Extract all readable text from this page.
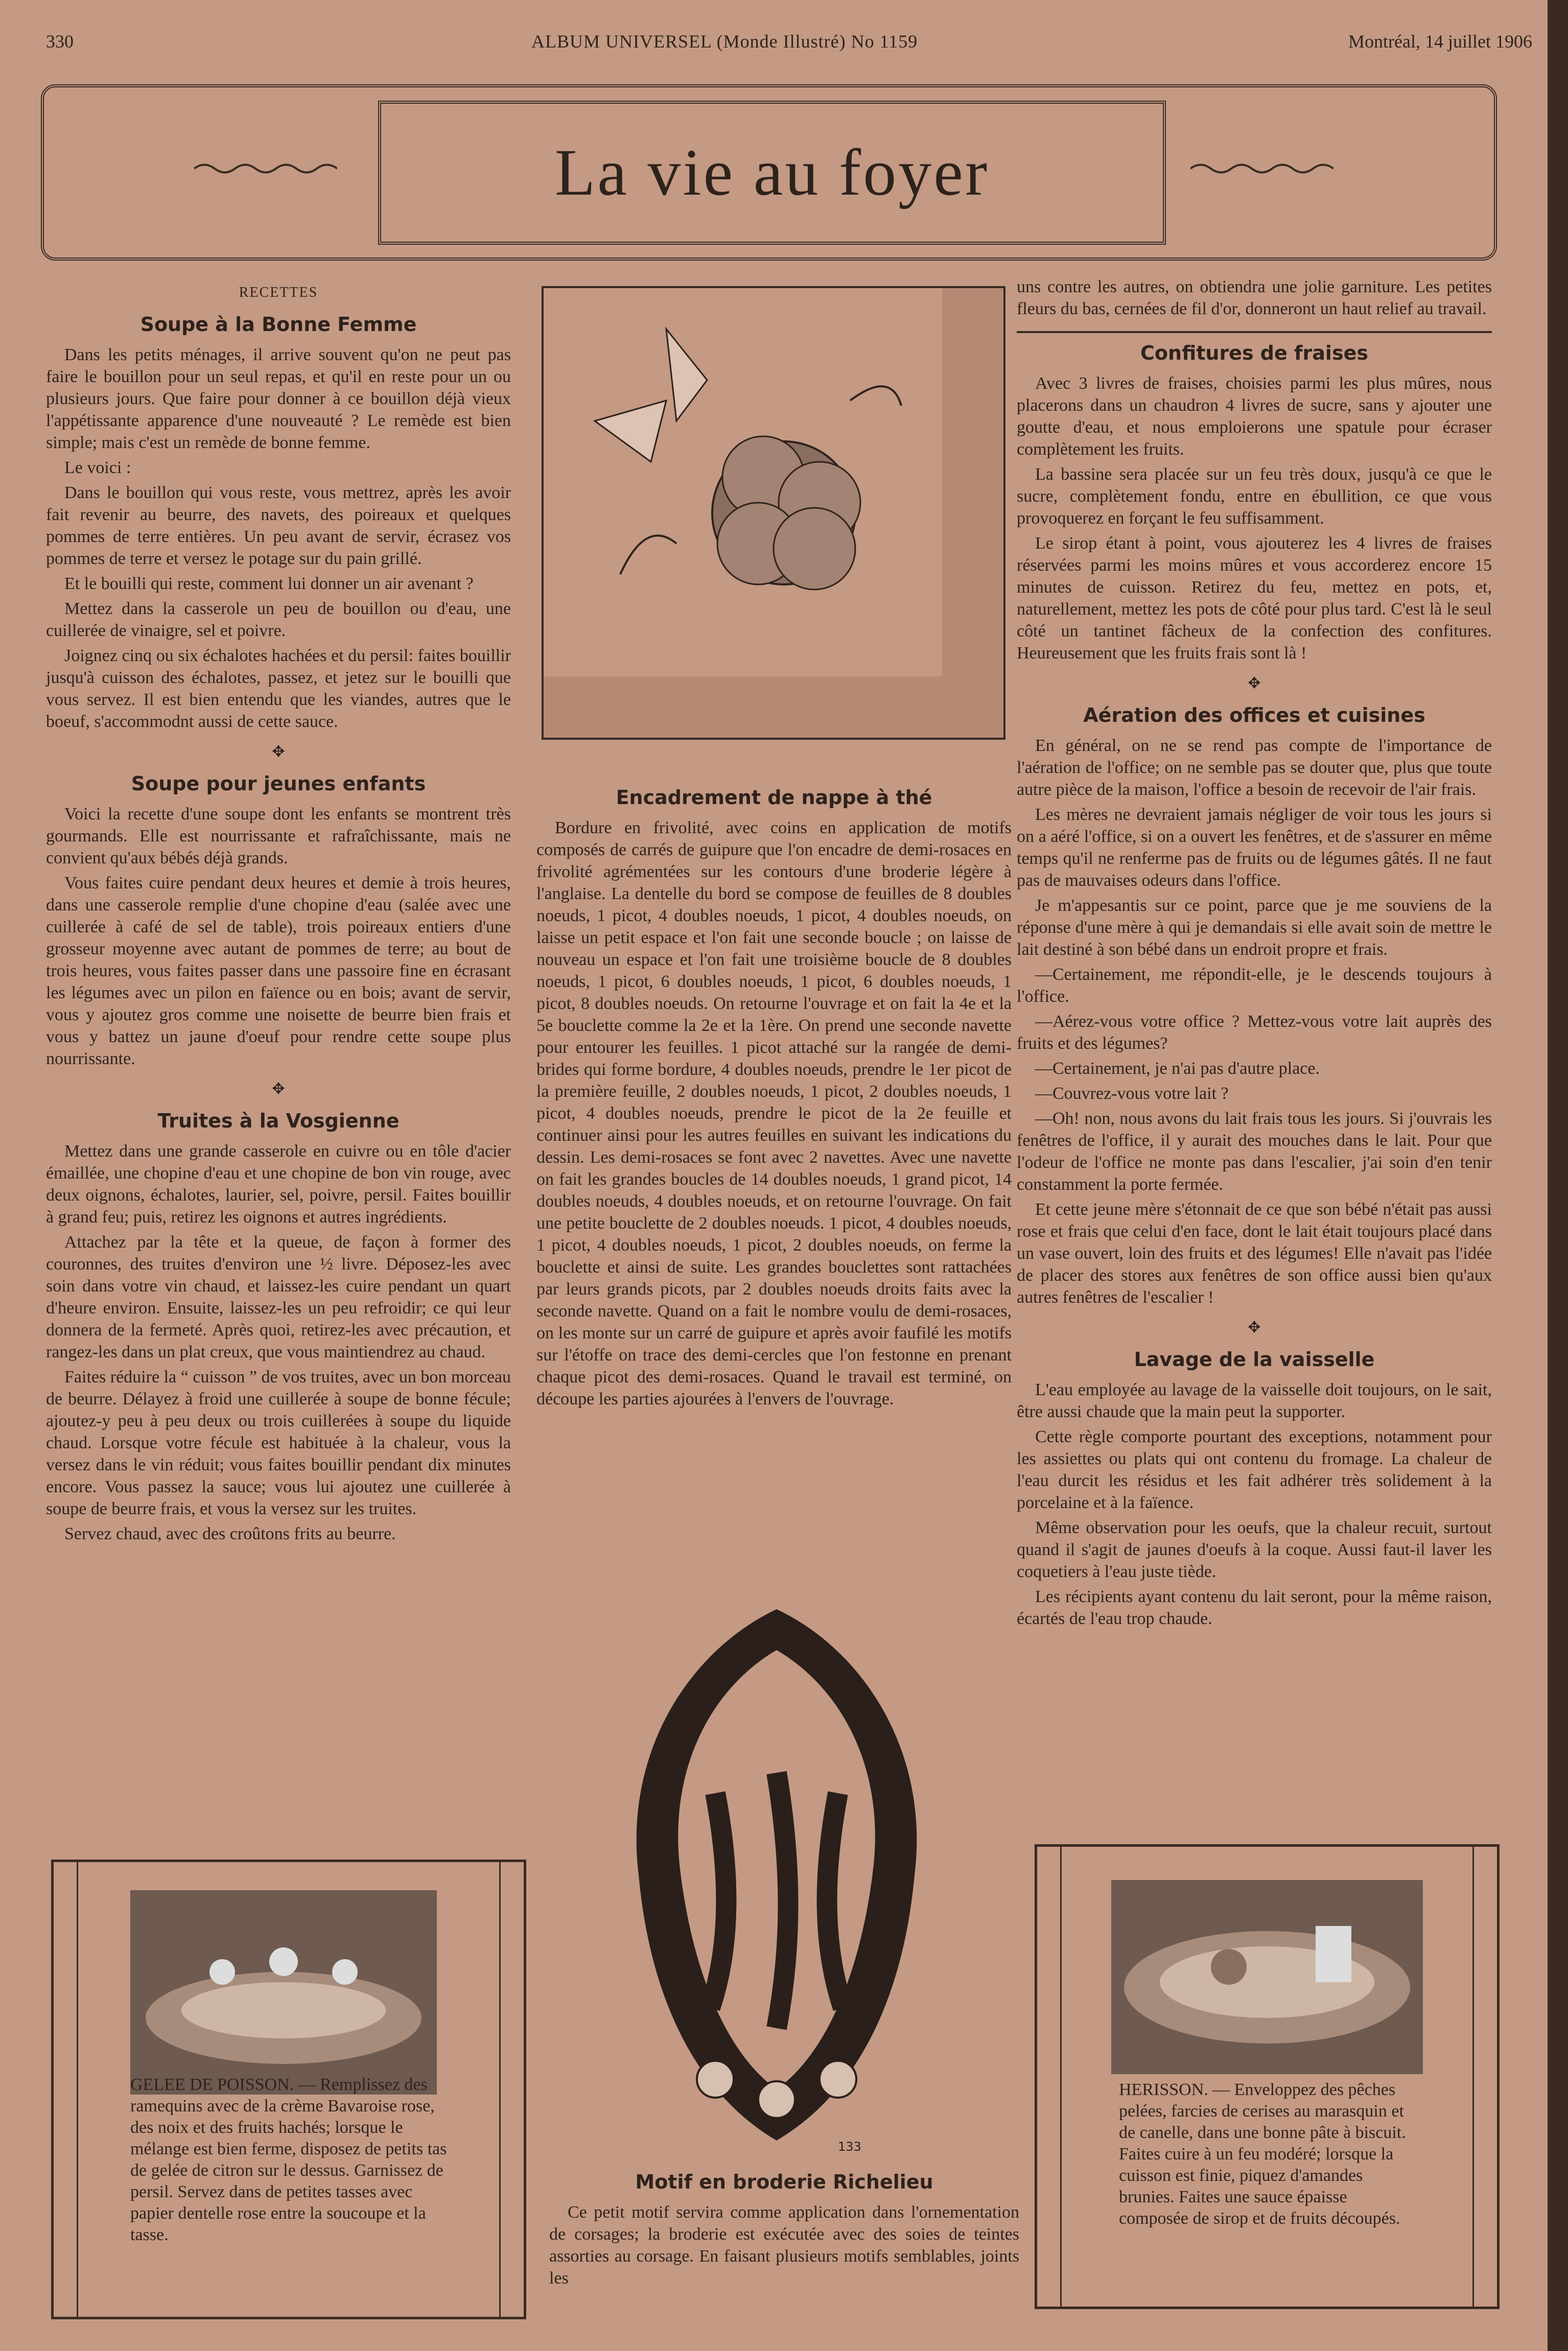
330	ALBUM UNIVERSEL (Monde Illustré) No 1159	Montréal, 14 juillet 1906
La vie au foyer

RECETTES

Soupe à la Bonne Femme

Dans les petits ménages, il arrive souvent qu'on ne peut pas faire le bouillon pour un seul repas, et qu'il en reste pour un ou plusieurs jours. Que faire pour donner à ce bouillon déjà vieux l'appétissante apparence d'une nouveauté ? Le remède est bien simple; mais c'est un remède de bonne femme.

Le voici :

Dans le bouillon qui vous reste, vous mettrez, après les avoir fait revenir au beurre, des navets, des poireaux et quelques pommes de terre entières. Un peu avant de servir, écrasez vos pommes de terre et versez le potage sur du pain grillé.

Et le bouilli qui reste, comment lui donner un air avenant ?

Mettez dans la casserole un peu de bouillon ou d'eau, une cuillerée de vinaigre, sel et poivre.

Joignez cinq ou six échalotes hachées et du persil: faites bouillir jusqu'à cuisson des échalotes, passez, et jetez sur le bouilli que vous servez. Il est bien entendu que les viandes, autres que le boeuf, s'accommodnt aussi de cette sauce.

✥
Soupe pour jeunes enfants

Voici la recette d'une soupe dont les enfants se montrent très gourmands. Elle est nourrissante et rafraîchissante, mais ne convient qu'aux bébés déjà grands.

Vous faites cuire pendant deux heures et demie à trois heures, dans une casserole remplie d'une chopine d'eau (salée avec une cuillerée à café de sel de table), trois poireaux entiers d'une grosseur moyenne avec autant de pommes de terre; au bout de trois heures, vous faites passer dans une passoire fine en écrasant les légumes avec un pilon en faïence ou en bois; avant de servir, vous y ajoutez gros comme une noisette de beurre bien frais et vous y battez un jaune d'oeuf pour rendre cette soupe plus nourrissante.

✥
Truites à la Vosgienne

Mettez dans une grande casserole en cuivre ou en tôle d'acier émaillée, une chopine d'eau et une chopine de bon vin rouge, avec deux oignons, échalotes, laurier, sel, poivre, persil. Faites bouillir à grand feu; puis, retirez les oignons et autres ingrédients.

Attachez par la tête et la queue, de façon à former des couronnes, des truites d'environ une ½ livre. Déposez-les avec soin dans votre vin chaud, et laissez-les cuire pendant un quart d'heure environ. Ensuite, laissez-les un peu refroidir; ce qui leur donnera de la fermeté. Après quoi, retirez-les avec précaution, et rangez-les dans un plat creux, que vous maintiendrez au chaud.

Faites réduire la “ cuisson ” de vos truites, avec un bon morceau de beurre. Délayez à froid une cuillerée à soupe de bonne fécule; ajoutez-y peu à peu deux ou trois cuillerées à soupe du liquide chaud. Lorsque votre fécule est habituée à la chaleur, vous la versez dans le vin réduit; vous faites bouillir pendant dix minutes encore. Vous passez la sauce; vous lui ajoutez une cuillerée à soupe de beurre frais, et vous la versez sur les truites.

Servez chaud, avec des croûtons frits au beurre.

GELEE DE POISSON. — Remplissez des ramequins avec de la crème Bavaroise rose, des noix et des fruits hachés; lorsque le mélange est bien ferme, disposez de petits tas de gelée de citron sur le dessus. Garnissez de persil. Servez dans de petites tasses avec papier dentelle rose entre la soucoupe et la tasse.
Encadrement de nappe à thé

Bordure en frivolité, avec coins en application de motifs composés de carrés de guipure que l'on encadre de demi-rosaces en frivolité agrémentées sur les contours d'une broderie légère à l'anglaise. La dentelle du bord se compose de feuilles de 8 doubles noeuds, 1 picot, 4 doubles noeuds, 1 picot, 4 doubles noeuds, on laisse un petit espace et l'on fait une seconde boucle ; on laisse de nouveau un espace et l'on fait une troisième boucle de 8 doubles noeuds, 1 picot, 6 doubles noeuds, 1 picot, 6 doubles noeuds, 1 picot, 8 doubles noeuds. On retourne l'ouvrage et on fait la 4e et la 5e bouclette comme la 2e et la 1ère. On prend une seconde navette pour entourer les feuilles. 1 picot attaché sur la rangée de demi-brides qui forme bordure, 4 doubles noeuds, prendre le 1er picot de la première feuille, 2 doubles noeuds, 1 picot, 2 doubles noeuds, 1 picot, 4 doubles noeuds, prendre le picot de la 2e feuille et continuer ainsi pour les autres feuilles en suivant les indications du dessin. Les demi-rosaces se font avec 2 navettes. Avec une navette on fait les grandes boucles de 14 doubles noeuds, 1 grand picot, 14 doubles noeuds, 4 doubles noeuds, et on retourne l'ouvrage. On fait une petite bouclette de 2 doubles noeuds. 1 picot, 4 doubles noeuds, 1 picot, 4 doubles noeuds, 1 picot, 2 doubles noeuds, on ferme la bouclette et ainsi de suite. Les grandes bouclettes sont rattachées par leurs grands picots, par 2 doubles noeuds droits faits avec la seconde navette. Quand on a fait le nombre voulu de demi-rosaces, on les monte sur un carré de guipure et après avoir faufilé les motifs sur l'étoffe on trace des demi-cercles que l'on festonne en prenant chaque picot des demi-rosaces. Quand le travail est terminé, on découpe les parties ajourées à l'envers de l'ouvrage.

133
Motif en broderie Richelieu

Ce petit motif servira comme application dans l'ornementation de corsages; la broderie est exécutée avec des soies de teintes assorties au corsage. En faisant plusieurs motifs semblables, joints les

uns contre les autres, on obtiendra une jolie garniture. Les petites fleurs du bas, cernées de fil d'or, donneront un haut relief au travail.

Confitures de fraises

Avec 3 livres de fraises, choisies parmi les plus mûres, nous placerons dans un chaudron 4 livres de sucre, sans y ajouter une goutte d'eau, et nous emploierons une spatule pour écraser complètement les fruits.

La bassine sera placée sur un feu très doux, jusqu'à ce que le sucre, complètement fondu, entre en ébullition, ce que vous provoquerez en forçant le feu suffisamment.

Le sirop étant à point, vous ajouterez les 4 livres de fraises réservées parmi les moins mûres et vous accorderez encore 15 minutes de cuisson. Retirez du feu, mettez en pots, et, naturellement, mettez les pots de côté pour plus tard. C'est là le seul côté un tantinet fâcheux de la confection des confitures. Heureusement que les fruits frais sont là !

✥
Aération des offices et cuisines

En général, on ne se rend pas compte de l'importance de l'aération de l'office; on ne semble pas se douter que, plus que toute autre pièce de la maison, l'office a besoin de recevoir de l'air frais.

Les mères ne devraient jamais négliger de voir tous les jours si on a aéré l'office, si on a ouvert les fenêtres, et de s'assurer en même temps qu'il ne renferme pas de fruits ou de légumes gâtés. Il ne faut pas de mauvaises odeurs dans l'office.

Je m'appesantis sur ce point, parce que je me souviens de la réponse d'une mère à qui je demandais si elle avait soin de mettre le lait destiné à son bébé dans un endroit propre et frais.

—Certainement, me répondit-elle, je le descends toujours à l'office.

—Aérez-vous votre office ? Mettez-vous votre lait auprès des fruits et des légumes?

—Certainement, je n'ai pas d'autre place.

—Couvrez-vous votre lait ?

—Oh! non, nous avons du lait frais tous les jours. Si j'ouvrais les fenêtres de l'office, il y aurait des mouches dans le lait. Pour que l'odeur de l'office ne monte pas dans l'escalier, j'ai soin d'en tenir constamment la porte fermée.

Et cette jeune mère s'étonnait de ce que son bébé n'était pas aussi rose et frais que celui d'en face, dont le lait était toujours placé dans un vase ouvert, loin des fruits et des légumes! Elle n'avait pas l'idée de placer des stores aux fenêtres de son office aussi bien qu'aux autres fenêtres de l'escalier !

✥
Lavage de la vaisselle

L'eau employée au lavage de la vaisselle doit toujours, on le sait, être aussi chaude que la main peut la supporter.

Cette règle comporte pourtant des exceptions, notamment pour les assiettes ou plats qui ont contenu du fromage. La chaleur de l'eau durcit les résidus et les fait adhérer très solidement à la porcelaine et à la faïence.

Même observation pour les oeufs, que la chaleur recuit, surtout quand il s'agit de jaunes d'oeufs à la coque. Aussi faut-il laver les coquetiers à l'eau juste tiède.

Les récipients ayant contenu du lait seront, pour la même raison, écartés de l'eau trop chaude.

HERISSON. — Enveloppez des pêches pelées, farcies de cerises au marasquin et de canelle, dans une bonne pâte à biscuit. Faites cuire à un feu modéré; lorsque la cuisson est finie, piquez d'amandes brunies. Faites une sauce épaisse composée de sirop et de fruits découpés.
